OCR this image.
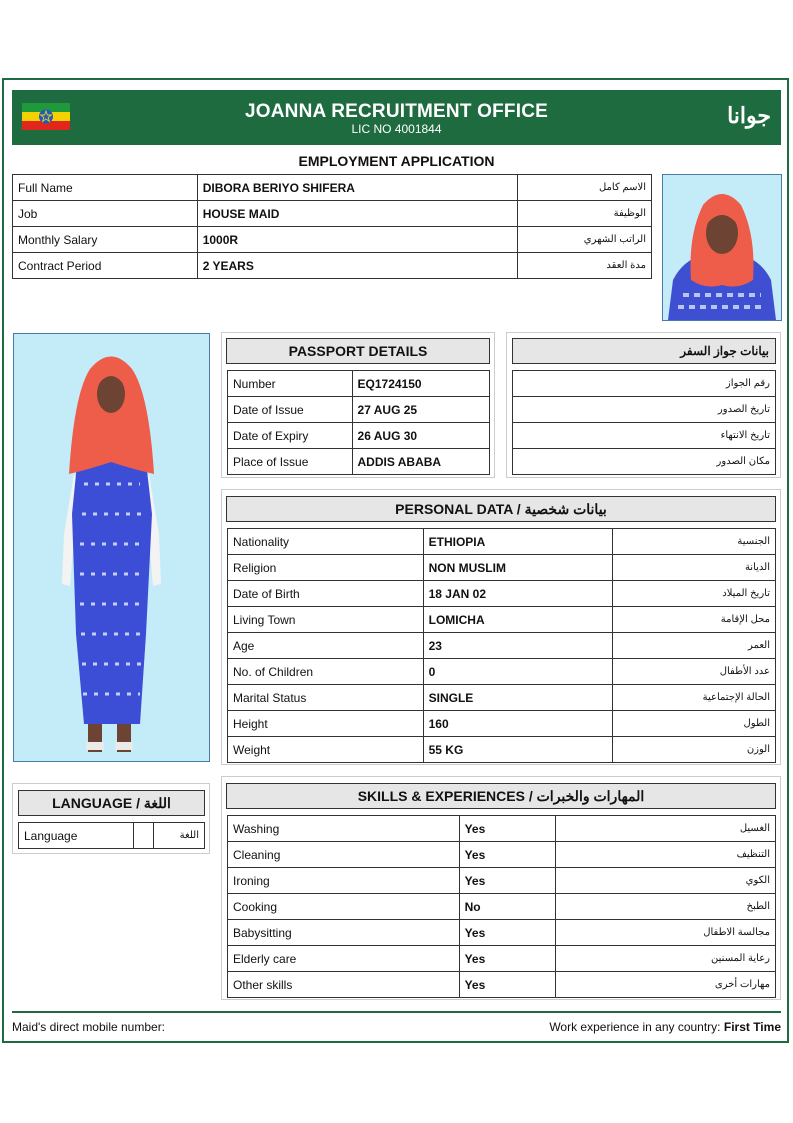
JOANNA RECRUITMENT OFFICE
LIC NO 4001844
جوانا
EMPLOYMENT APPLICATION
Full Name	DIBORA BERIYO SHIFERA	الاسم كامل
Job	HOUSE MAID	الوظيفة
Monthly Salary	1000R	الراتب الشهري
Contract Period	2 YEARS	مدة العقد
PASSPORT DETAILS
Number	EQ1724150
Date of Issue	27 AUG 25
Date of Expiry	26 AUG 30
Place of Issue	ADDIS ABABA
بيانات جواز السفر
رقم الجواز
تاريخ الصدور
تاريخ الانتهاء
مكان الصدور
PERSONAL DATA / بيانات شخصية
Nationality	ETHIOPIA	الجنسية
Religion	NON MUSLIM	الديانة
Date of Birth	18 JAN 02	تاريخ الميلاد
Living Town	LOMICHA	محل الإقامة
Age	23	العمر
No. of Children	0	عدد الأطفال
Marital Status	SINGLE	الحالة الإجتماعية
Height	160	الطول
Weight	55 KG	الوزن
LANGUAGE / اللغة
Language		اللغة
SKILLS & EXPERIENCES / المهارات والخبرات
Washing	Yes	الغسيل
Cleaning	Yes	التنظيف
Ironing	Yes	الكوي
Cooking	No	الطبخ
Babysitting	Yes	مجالسة الاطفال
Elderly care	Yes	رعاية المسنين
Other skills	Yes	مهارات أخرى
Maid's direct mobile number:	Work experience in any country: First Time
